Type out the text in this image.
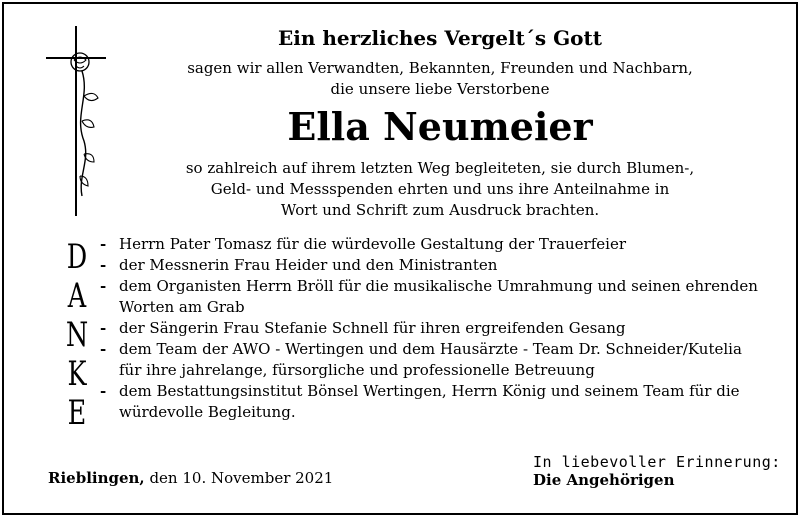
Ein herzliches Vergelt´s Gott
sagen wir allen Verwandten, Bekannten, Freunden und Nachbarn,
die unsere liebe Verstorbene
Ella Neumeier
so zahlreich auf ihrem letzten Weg begleiteten, sie durch Blumen-,
Geld- und Messspenden ehrten und uns ihre Anteilnahme in
Wort und Schrift zum Ausdruck brachten.
D
A
N
K
E
- Herrn Pater Tomasz für die würdevolle Gestaltung der Trauerfeier
- der Messnerin Frau Heider und den Ministranten
- dem Organisten Herrn Bröll für die musikalische Umrahmung und seinen ehrenden
Worten am Grab
- der Sängerin Frau Stefanie Schnell für ihren ergreifenden Gesang
- dem Team der AWO - Wertingen und dem Hausärzte - Team Dr. Schneider/Kutelia
für ihre jahrelange, fürsorgliche und professionelle Betreuung
- dem Bestattungsinstitut Bönsel Wertingen, Herrn König und seinem Team für die
würdevolle Begleitung.
Rieblingen, den 10. November 2021
In liebevoller Erinnerung:
Die Angehörigen
